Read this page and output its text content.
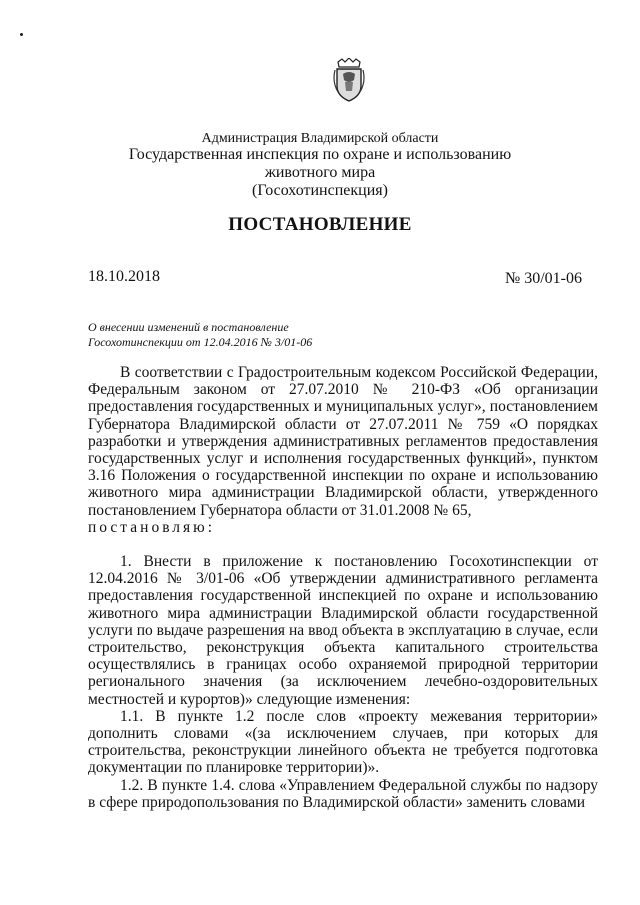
Администрация Владимирской области
Государственная инспекция по охране и использованию
животного мира
(Госохотинспекция)
ПОСТАНОВЛЕНИЕ
18.10.2018	№ 30/01-06
О внесении изменений в постановление
Госохотинспекции от 12.04.2016 № 3/01-06

В соответствии с Градостроительным кодексом Российской Федерации, Федеральным законом от 27.07.2010 № 210-ФЗ «Об организации предоставления государственных и муниципальных услуг», постановлением Губернатора Владимирской области от 27.07.2011 № 759 «О порядках разработки и утверждения административных регламентов предоставления государственных услуг и исполнения государственных функций», пунктом 3.16 Положения о государственной инспекции по охране и использованию животного мира администрации Владимирской области, утвержденного постановлением Губернатора области от 31.01.2008 № 65,

постановляю:

1. Внести в приложение к постановлению Госохотинспекции от 12.04.2016 № 3/01-06 «Об утверждении административного регламента предоставления государственной инспекцией по охране и использованию животного мира администрации Владимирской области государственной услуги по выдаче разрешения на ввод объекта в эксплуатацию в случае, если строительство, реконструкция объекта капитального строительства осуществлялись в границах особо охраняемой природной территории регионального значения (за исключением лечебно-оздоровительных местностей и курортов)» следующие изменения:

1.1. В пункте 1.2 после слов «проекту межевания территории» дополнить словами «(за исключением случаев, при которых для строительства, реконструкции линейного объекта не требуется подготовка документации по планировке территории)».

1.2. В пункте 1.4. слова «Управлением Федеральной службы по надзору в сфере природопользования по Владимирской области» заменить словами
